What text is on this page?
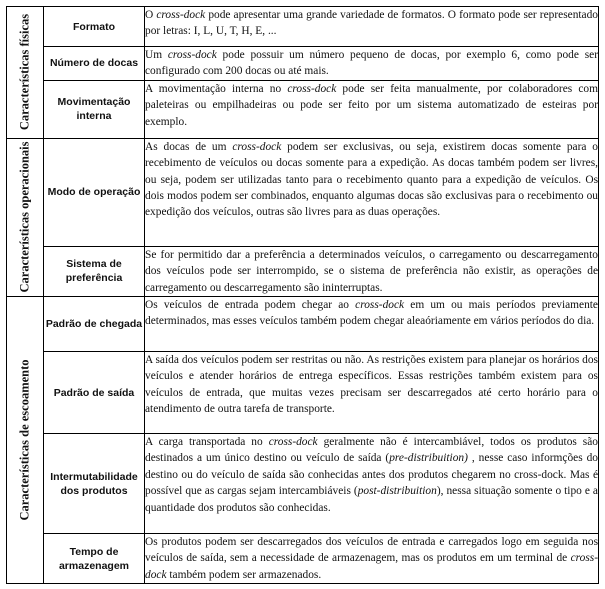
Características físicas	Formato	O cross-dock pode apresentar uma grande variedade de formatos. O formato pode ser representado por letras: I, L, U, T, H, E, ...
	Número de docas	Um cross-dock pode possuir um número pequeno de docas, por exemplo 6, como pode ser configurado com 200 docas ou até mais.
	Movimentação interna	A movimentação interna no cross-dock pode ser feita manualmente, por colaboradores com paleteiras ou empilhadeiras ou pode ser feito por um sistema automatizado de esteiras por exemplo.

Características operacionais	Modo de operação	As docas de um cross-dock podem ser exclusivas, ou seja, existirem docas somente para o recebimento de veículos ou docas somente para a expedição. As docas também podem ser livres, ou seja, podem ser utilizadas tanto para o recebimento quanto para a expedição de veículos. Os dois modos podem ser combinados, enquanto algumas docas são exclusivas para o recebimento ou expedição dos veículos, outras são livres para as duas operações.
	Sistema de preferência	Se for permitido dar a preferência a determinados veículos, o carregamento ou descarregamento dos veículos pode ser interrompido, se o sistema de preferência não existir, as operações de carregamento ou descarregamento são ininterruptas.

Características de escoamento	Padrão de chegada	Os veículos de entrada podem chegar ao cross-dock em um ou mais períodos previamente determinados, mas esses veículos também podem chegar aleaóriamente em vários períodos do dia.
	Padrão de saída	A saída dos veículos podem ser restritas ou não. As restrições existem para planejar os horários dos veículos e atender horários de entrega específicos. Essas restrições também existem para os veículos de entrada, que muitas vezes precisam ser descarregados até certo horário para o atendimento de outra tarefa de transporte.
	Intermutabilidade dos produtos	A carga transportada no cross-dock geralmente não é intercambiável, todos os produtos são destinados a um único destino ou veículo de saída (pre-distribuition) , nesse caso informções do destino ou do veículo de saída são conhecidas antes dos produtos chegarem no cross-dock. Mas é possível que as cargas sejam intercambiáveis (post-distribuition), nessa situação somente o tipo e a quantidade dos produtos são conhecidas.
	Tempo de armazenagem	Os produtos podem ser descarregados dos veículos de entrada e carregados logo em seguida nos veículos de saída, sem a necessidade de armazenagem, mas os produtos em um terminal de cross-dock também podem ser armazenados.
